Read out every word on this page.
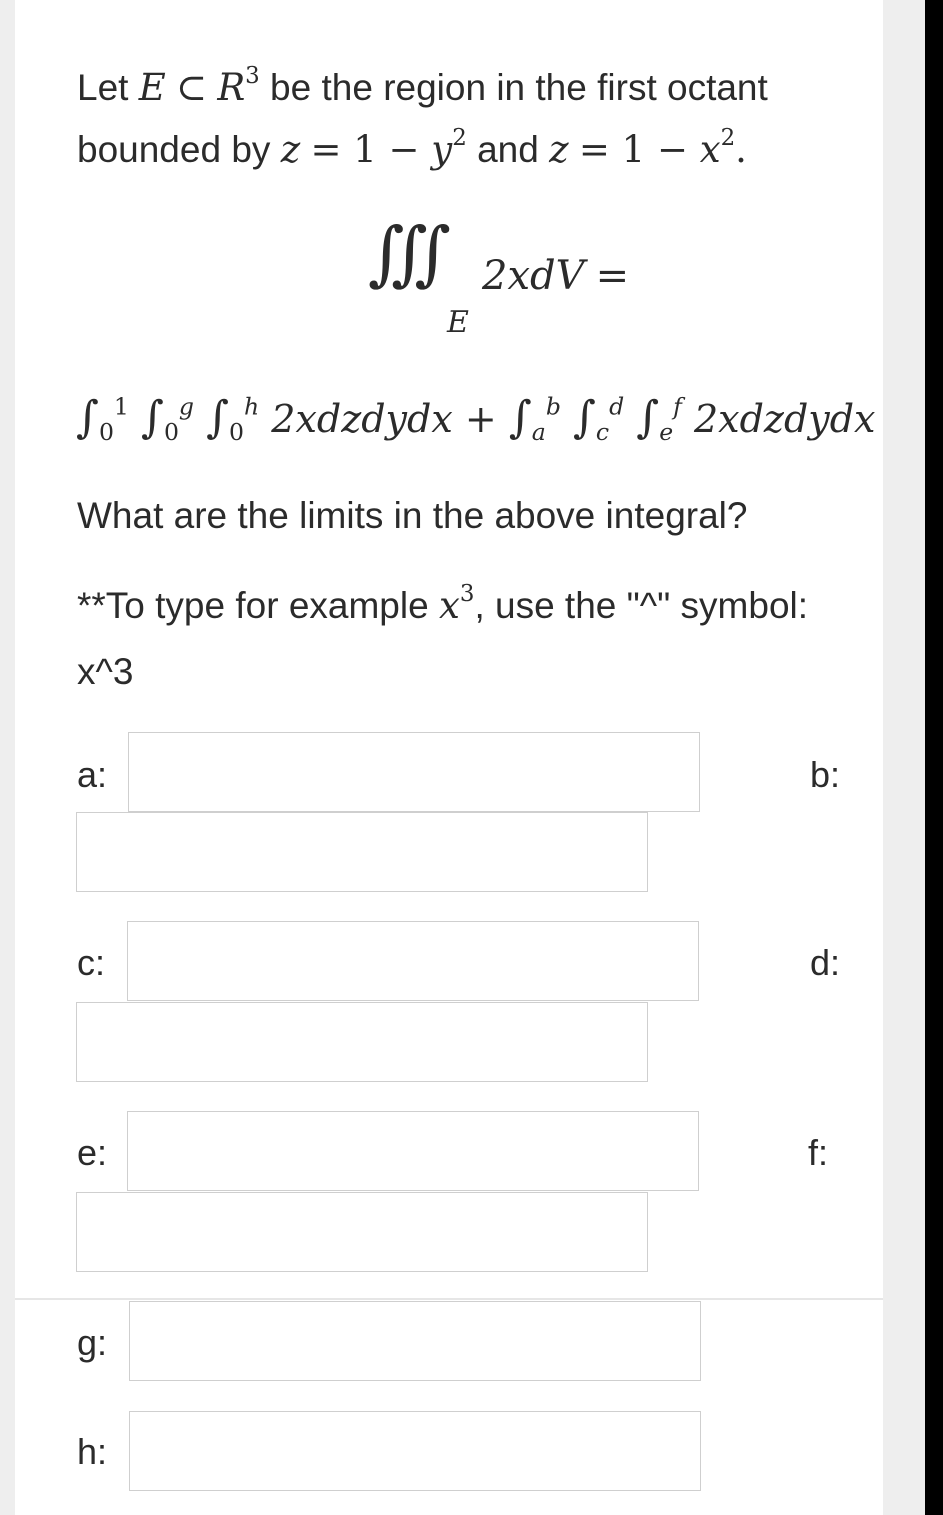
Let E ⊂ $R^3$ be the region in the first octant
bounded by $z = 1 - y^2$ and $z = 1 - x^2$.
∭
E
2xdV =
$\int_0^1$ $\int_0^g$ $\int_0^h$ 2xdzdydx + $\int_a^b$ $\int_c^d$ $\int_e^f$ 2xdzdydx
What are the limits in the above integral?
**To type for example $x^3$, use the "^" symbol:
x^3
a:	b:
c:	d:
e:	f:
g:
h:
